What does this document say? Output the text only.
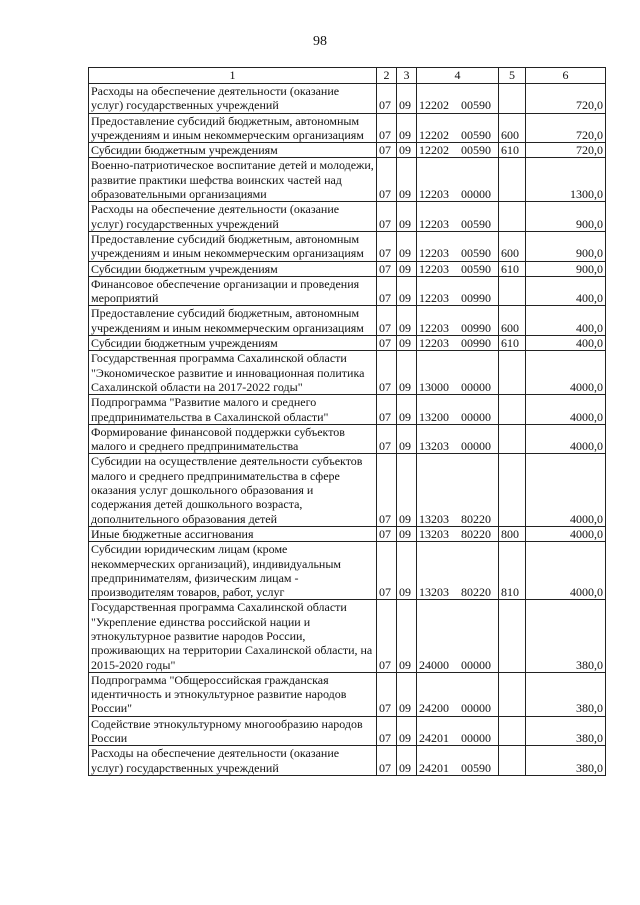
98
1	2	3	4	5	6
Расходы на обеспечение деятельности (оказание услуг) государственных учреждений	07	09	12202 00590		720,0
Предоставление субсидий бюджетным, автономным учреждениям и иным некоммерческим организациям	07	09	12202 00590	600	720,0
Субсидии бюджетным учреждениям	07	09	12202 00590	610	720,0
Военно-патриотическое воспитание детей и молодежи, развитие практики шефства воинских частей над образовательными организациями	07	09	12203 00000		1300,0
Расходы на обеспечение деятельности (оказание услуг) государственных учреждений	07	09	12203 00590		900,0
Предоставление субсидий бюджетным, автономным учреждениям и иным некоммерческим организациям	07	09	12203 00590	600	900,0
Субсидии бюджетным учреждениям	07	09	12203 00590	610	900,0
Финансовое обеспечение организации и проведения мероприятий	07	09	12203 00990		400,0
Предоставление субсидий бюджетным, автономным учреждениям и иным некоммерческим организациям	07	09	12203 00990	600	400,0
Субсидии бюджетным учреждениям	07	09	12203 00990	610	400,0
Государственная программа Сахалинской области "Экономическое развитие и инновационная политика Сахалинской области на 2017-2022 годы"	07	09	13000 00000		4000,0
Подпрограмма "Развитие малого и среднего предпринимательства в Сахалинской области"	07	09	13200 00000		4000,0
Формирование финансовой поддержки субъектов малого и среднего предпринимательства	07	09	13203 00000		4000,0
Субсидии на осуществление деятельности субъектов малого и среднего предпринимательства в сфере оказания услуг дошкольного образования и содержания детей дошкольного возраста, дополнительного образования детей	07	09	13203 80220		4000,0
Иные бюджетные ассигнования	07	09	13203 80220	800	4000,0
Субсидии юридическим лицам (кроме некоммерческих организаций), индивидуальным предпринимателям, физическим лицам - производителям товаров, работ, услуг	07	09	13203 80220	810	4000,0
Государственная программа Сахалинской области "Укрепление единства российской нации и этнокультурное развитие народов России, проживающих на территории Сахалинской области, на 2015-2020 годы"	07	09	24000 00000		380,0
Подпрограмма "Общероссийская гражданская идентичность и этнокультурное развитие народов России"	07	09	24200 00000		380,0
Содействие этнокультурному многообразию народов России	07	09	24201 00000		380,0
Расходы на обеспечение деятельности (оказание услуг) государственных учреждений	07	09	24201 00590		380,0
